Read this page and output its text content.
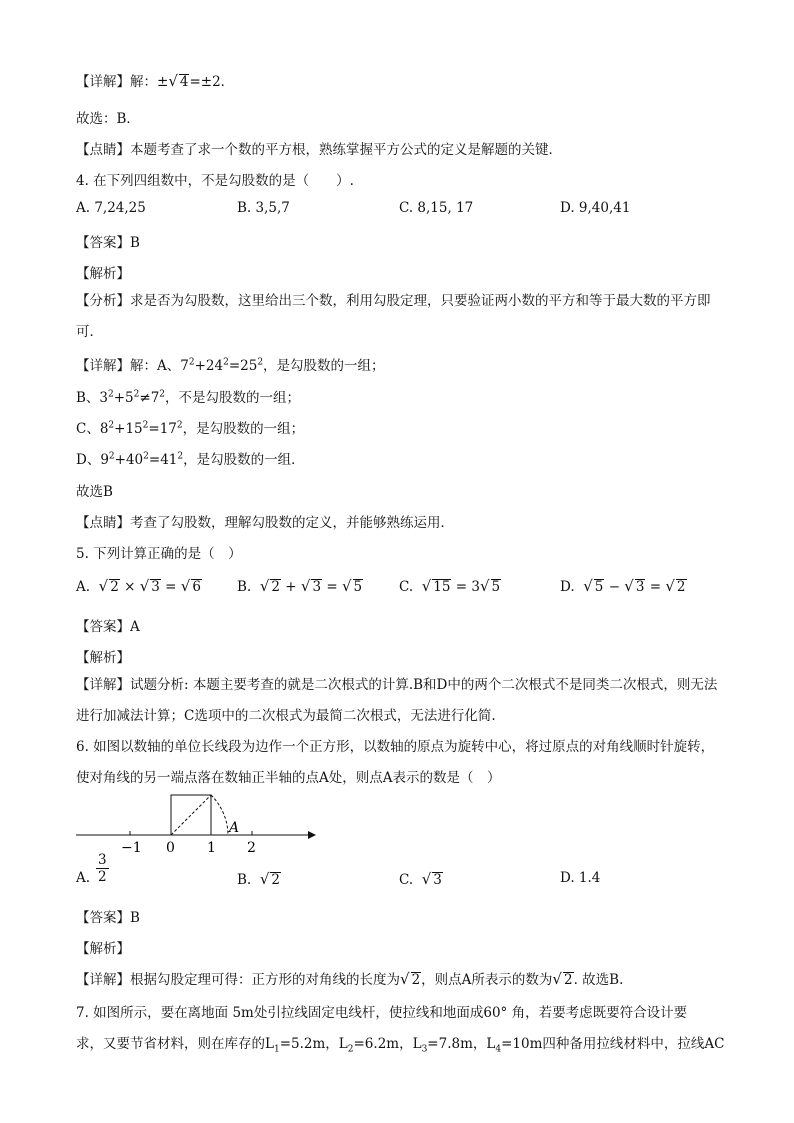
【详解】解：±√ 4=±2．
故选：B．
【点睛】本题考查了求一个数的平方根，熟练掌握平方公式的定义是解题的关键．
4. 在下列四组数中，不是勾股数的是（　　）.
A. 7,24,25	B. 3,5,7	C. 8,15, 17	D. 9,40,41
【答案】B
【解析】
【分析】求是否为勾股数，这里给出三个数，利用勾股定理，只要验证两小数的平方和等于最大数的平方即可．
【详解】解：A、$7^2+24^2=25^2$，是勾股数的一组；
B、$3^2+5^2\ne 7^2$，不是勾股数的一组；
C、$8^2+15^2=17^2$，是勾股数的一组；
D、$9^2+40^2=41^2$，是勾股数的一组．
故选B
【点睛】考查了勾股数，理解勾股数的定义，并能够熟练运用．
5. 下列计算正确的是（　）
A. √ 2 × √ 3 = √ 6	B. √ 2 + √ 3 = √ 5	C. √ 15 = 3√ 5	D. √ 5 − √ 3 = √ 2
【答案】A
【解析】
【详解】试题分析: 本题主要考查的就是二次根式的计算.B和D中的两个二次根式不是同类二次根式，则无法进行加减法计算；C选项中的二次根式为最简二次根式，无法进行化简.
6. 如图以数轴的单位长线段为边作一个正方形，以数轴的原点为旋转中心，将过原点的对角线顺时针旋转，使对角线的另一端点落在数轴正半轴的点A处，则点A表示的数是（　）
−1 0 1 2
A
A. $\frac{3}{2}$	B. √ 2	C. √ 3	D. 1.4
【答案】B
【解析】
【详解】根据勾股定理可得：正方形的对角线的长度为√ 2，则点A所表示的数为√ 2. 故选B.
7. 如图所示，要在离地面 5m处引拉线固定电线杆，使拉线和地面成60° 角，若要考虑既要符合设计要
求，又要节省材料，则在库存的$L_1=5.2m$，$L_2=6.2m$，$L_3=7.8m$，$L_4=10m$四种备用拉线材料中，拉线AC
